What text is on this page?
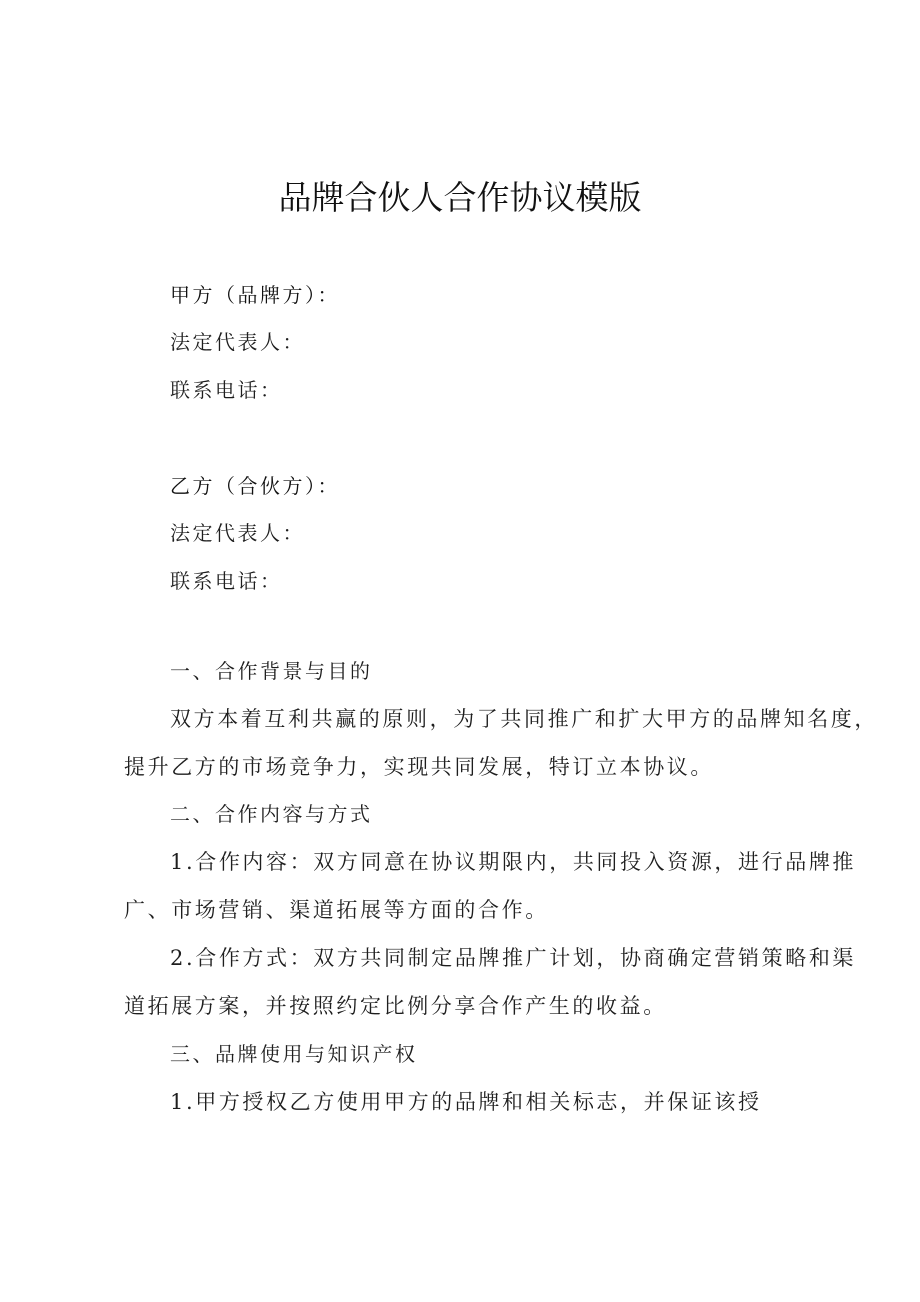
品牌合伙人合作协议模版
甲方（品牌方）：
法定代表人：
联系电话：
乙方（合伙方）：
法定代表人：
联系电话：
一、合作背景与目的
双方本着互利共赢的原则，为了共同推广和扩大甲方的品牌知名度，
提升乙方的市场竞争力，实现共同发展，特订立本协议。
二、合作内容与方式
1.合作内容：双方同意在协议期限内，共同投入资源，进行品牌推
广、市场营销、渠道拓展等方面的合作。
2.合作方式：双方共同制定品牌推广计划，协商确定营销策略和渠
道拓展方案，并按照约定比例分享合作产生的收益。
三、品牌使用与知识产权
1.甲方授权乙方使用甲方的品牌和相关标志，并保证该授
